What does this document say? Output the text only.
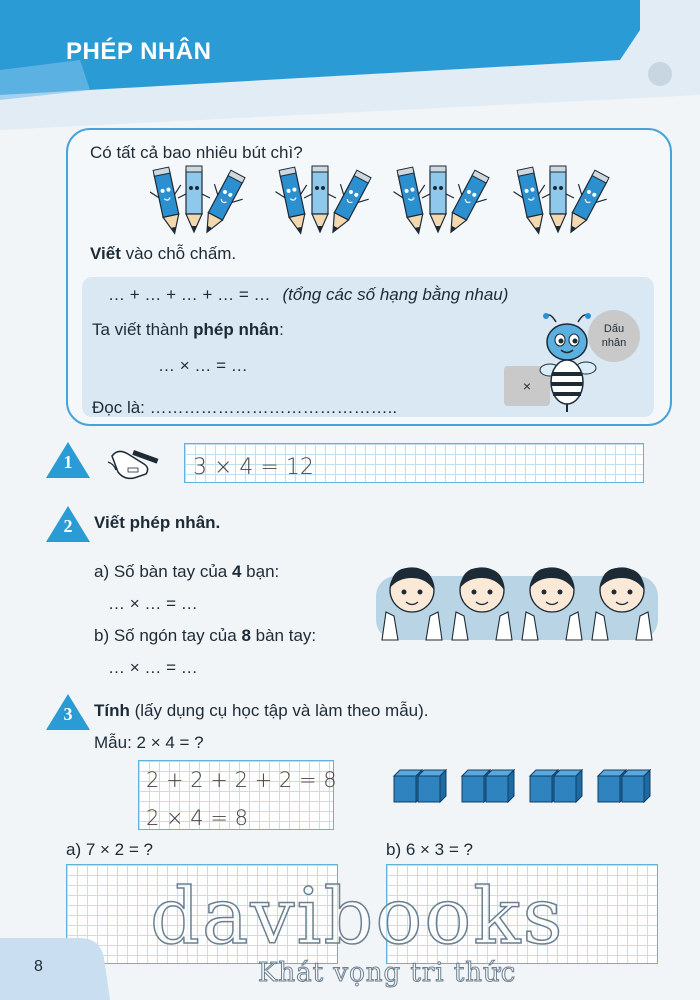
PHÉP NHÂN
Có tất cả bao nhiêu bút chì?
Viết vào chỗ chấm.
… + … + … + … = … (tổng các số hạng bằng nhau)
Ta viết thành phép nhân:
… × … = …
Đọc là: ……………………………………..
×
Dấu
nhân
1	3 × 4 = 12
2	Viết phép nhân.
a) Số bàn tay của 4 bạn:
… × … = …
b) Số ngón tay của 8 bàn tay:
… × … = …
3	Tính (lấy dụng cụ học tập và làm theo mẫu).
Mẫu: 2 × 4 = ?
2 + 2 + 2 + 2 = 8
2 × 4 = 8
a) 7 × 2 = ?	b) 6 × 3 = ?
8
davibooks
Khát vọng tri thức
